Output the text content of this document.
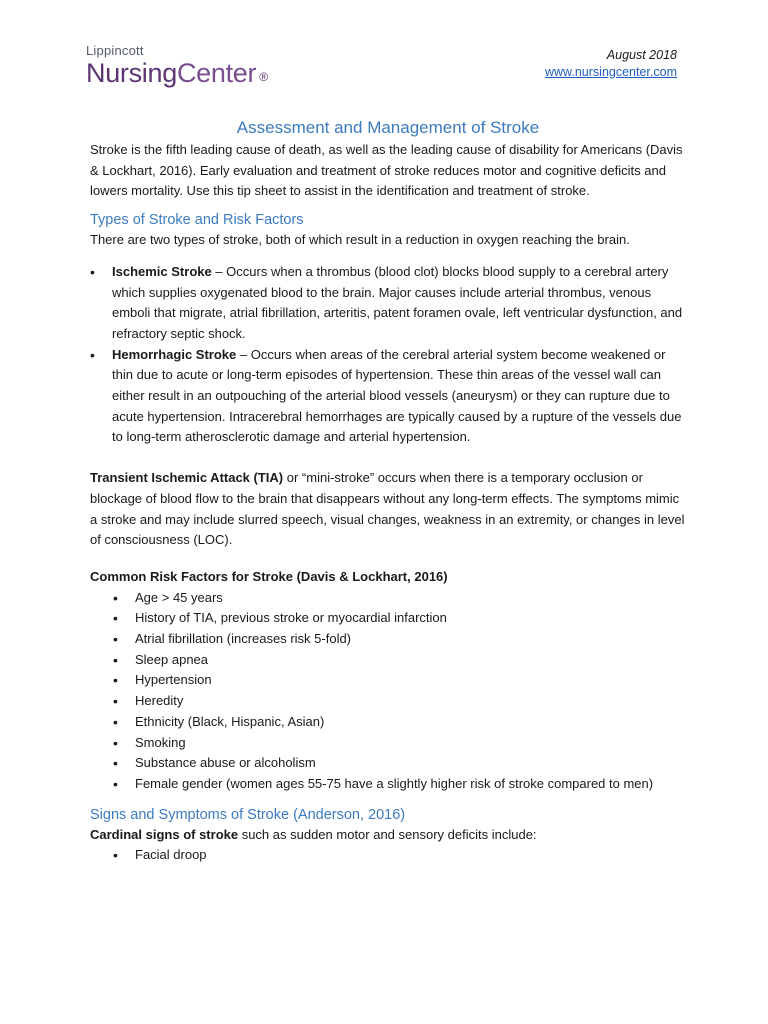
Lippincott
NursingCenter ®
August 2018
www.nursingcenter.com
Assessment and Management of Stroke

Stroke is the fifth leading cause of death, as well as the leading cause of disability for Americans (Davis & Lockhart, 2016). Early evaluation and treatment of stroke reduces motor and cognitive deficits and lowers mortality. Use this tip sheet to assist in the identification and treatment of stroke.

Types of Stroke and Risk Factors

There are two types of stroke, both of which result in a reduction in oxygen reaching the brain.

• Ischemic Stroke – Occurs when a thrombus (blood clot) blocks blood supply to a cerebral artery which supplies oxygenated blood to the brain. Major causes include arterial thrombus, venous emboli that migrate, atrial fibrillation, arteritis, patent foramen ovale, left ventricular dysfunction, and refractory septic shock.
• Hemorrhagic Stroke – Occurs when areas of the cerebral arterial system become weakened or thin due to acute or long-term episodes of hypertension. These thin areas of the vessel wall can either result in an outpouching of the arterial blood vessels (aneurysm) or they can rupture due to acute hypertension. Intracerebral hemorrhages are typically caused by a rupture of the vessels due to long-term atherosclerotic damage and arterial hypertension.

Transient Ischemic Attack (TIA) or “mini-stroke” occurs when there is a temporary occlusion or blockage of blood flow to the brain that disappears without any long-term effects. The symptoms mimic a stroke and may include slurred speech, visual changes, weakness in an extremity, or changes in level of consciousness (LOC).

Common Risk Factors for Stroke (Davis & Lockhart, 2016)

• Age > 45 years
• History of TIA, previous stroke or myocardial infarction
• Atrial fibrillation (increases risk 5-fold)
• Sleep apnea
• Hypertension
• Heredity
• Ethnicity (Black, Hispanic, Asian)
• Smoking
• Substance abuse or alcoholism
• Female gender (women ages 55-75 have a slightly higher risk of stroke compared to men)
Signs and Symptoms of Stroke (Anderson, 2016)

Cardinal signs of stroke such as sudden motor and sensory deficits include:

• Facial droop
